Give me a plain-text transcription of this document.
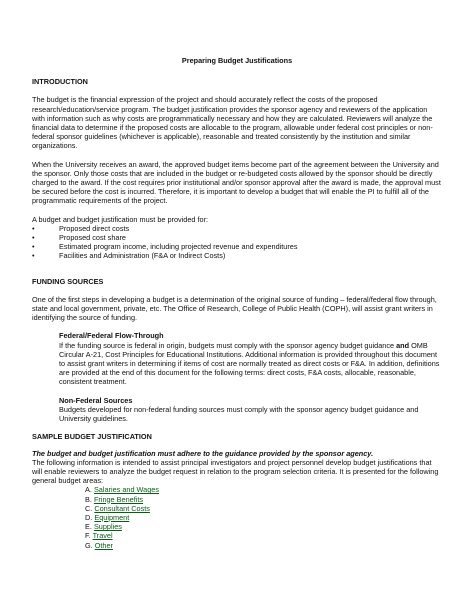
Preparing Budget Justifications
INTRODUCTION

The budget is the financial expression of the project and should accurately reflect the costs of the proposed research/education/service program. The budget justification provides the sponsor agency and reviewers of the application with information such as why costs are programmatically necessary and how they are calculated. Reviewers will analyze the financial data to determine if the proposed costs are allocable to the program, allowable under federal cost principles or non-federal sponsor guidelines (whichever is applicable), reasonable and treated consistently by the institution and similar organizations.

When the University receives an award, the approved budget items become part of the agreement between the University and the sponsor. Only those costs that are included in the budget or re-budgeted costs allowed by the sponsor should be directly charged to the award. If the cost requires prior institutional and/or sponsor approval after the award is made, the approval must be secured before the cost is incurred. Therefore, it is important to develop a budget that will enable the PI to fulfill all of the programmatic requirements of the project.

A budget and budget justification must be provided for:

• Proposed direct costs
• Proposed cost share
• Estimated program income, including projected revenue and expenditures
• Facilities and Administration (F&A or Indirect Costs)
FUNDING SOURCES

One of the first steps in developing a budget is a determination of the original source of funding – federal/federal flow through, state and local government, private, etc. The Office of Research, College of Public Health (COPH), will assist grant writers in identifying the source of funding.

Federal/Federal Flow-Through

If the funding source is federal in origin, budgets must comply with the sponsor agency budget guidance and OMB Circular A-21, Cost Principles for Educational Institutions. Additional information is provided throughout this document to assist grant writers in determining if items of cost are normally treated as direct costs or F&A. In addition, definitions are provided at the end of this document for the following terms: direct costs, F&A costs, allocable, reasonable, consistent treatment.

Non-Federal Sources

Budgets developed for non-federal funding sources must comply with the sponsor agency budget guidance and University guidelines.

SAMPLE BUDGET JUSTIFICATION
The budget and budget justification must adhere to the guidance provided by the sponsor agency.

The following information is intended to assist principal investigators and project personnel develop budget justifications that will enable reviewers to analyze the budget request in relation to the program selection criteria. It is presented for the following general budget areas:

A. Salaries and Wages
B. Fringe Benefits
C. Consultant Costs
D. Equipment
E. Supplies
F. Travel
G. Other
